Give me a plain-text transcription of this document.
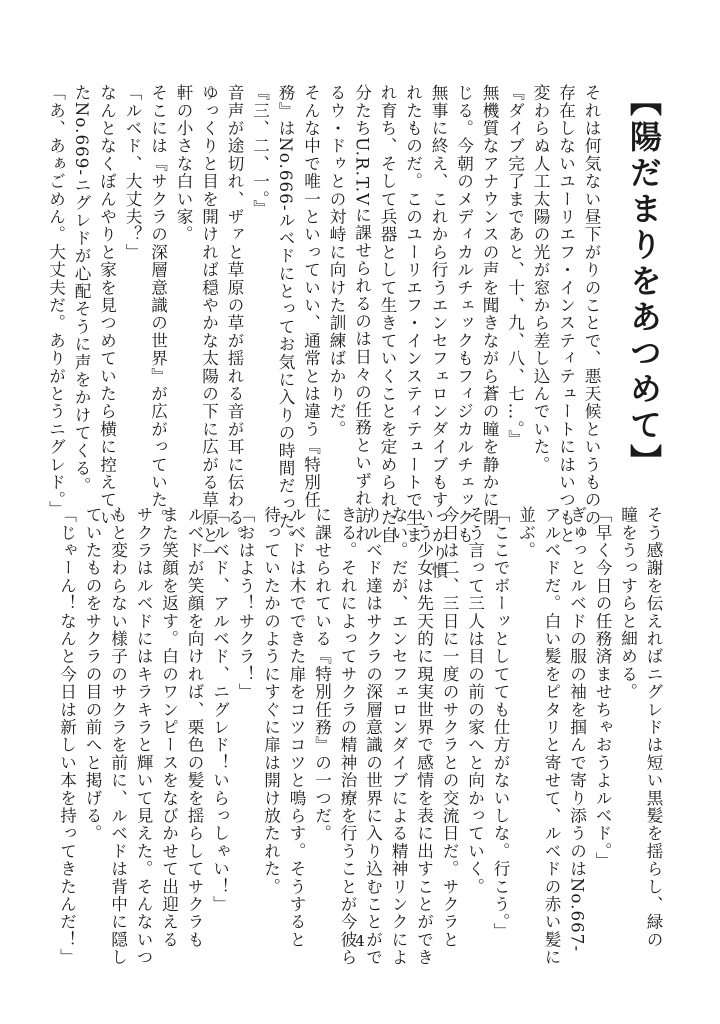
【陽だまりをあつめて】

それは何気ない昼下がりのことで、悪天候というものの

存在しないユーリエフ・インスティテュートにはいつもと

変わらぬ人工太陽の光が窓から差し込んでいた。

『ダイブ完了まであと、十、九、八、七…。』

無機質なアナウンスの声を聞きながら蒼の瞳を静かに閉

じる。今朝のメディカルチェックもフィジカルチェックも

無事に終え、これから行うエンセフェロンダイブもすっかり慣

れたものだ。このユーリエフ・インスティテュートで生ま

れ育ち、そして兵器として生きていくことを定められた自

分たちU.R.T.Vに課せられるのは日々の任務といずれ訪れ

るウ・ドゥとの対峙に向けた訓練ばかりだ。

そんな中で唯一といっていい、通常とは違う『特別任

務』はNo.666-ルベドにとってお気に入りの時間だった。

『三、二、一。』

音声が途切れ、ザァと草原の草が揺れる音が耳に伝わる。

ゆっくりと目を開ければ穏やかな太陽の下に広がる草原と一

軒の小さな白い家。

そこには『サクラの深層意識の世界』が広がっていた。

「ルベド、大丈夫？」

なんとなくぼんやりと家を見つめていたら横に控えてい

たNo.669-ニグレドが心配そうに声をかけてくる。

「あ、あぁごめん。大丈夫だ。ありがとうニグレド。」

そう感謝を伝えればニグレドは短い黒髪を揺らし、緑の

瞳をうっすらと細める。

「早く今日の任務済ませちゃおうよルベド。」

ぎゅっとルベドの服の袖を掴んで寄り添うのはNo.667-

アルベドだ。白い髪をピタリと寄せて、ルベドの赤い髪に

並ぶ。

「ここでボーッとしてても仕方がないしな。行こう。」

そう言って三人は目の前の家へと向かっていく。

今日は二、三日に一度のサクラとの交流日だ。サクラと

いう少女は先天的に現実世界で感情を表に出すことができ

ない。だが、エンセフェロンダイブによる精神リンクによ

りルベド達はサクラの深層意識の世界に入り込むことがで

きる。それによってサクラの精神治療を行うことが今彼ら

に課せられている『特別任務』の一つだ。

ルベドは木でできた扉をコツコツと鳴らす。そうすると

待っていたかのようにすぐに扉は開け放たれた。

「おはよう！サクラ！」

「ルベド、アルベド、ニグレド！いらっしゃい！」

ルベドが笑顔を向ければ、栗色の髪を揺らしてサクラも

また笑顔を返す。白のワンピースをなびかせて出迎える

サクラはルベドにはキラキラと輝いて見えた。そんないつ

もと変わらない様子のサクラを前に、ルベドは背中に隠し

ていたものをサクラの目の前へと掲げる。

「じゃーん！なんと今日は新しい本を持ってきたんだ！」	4
